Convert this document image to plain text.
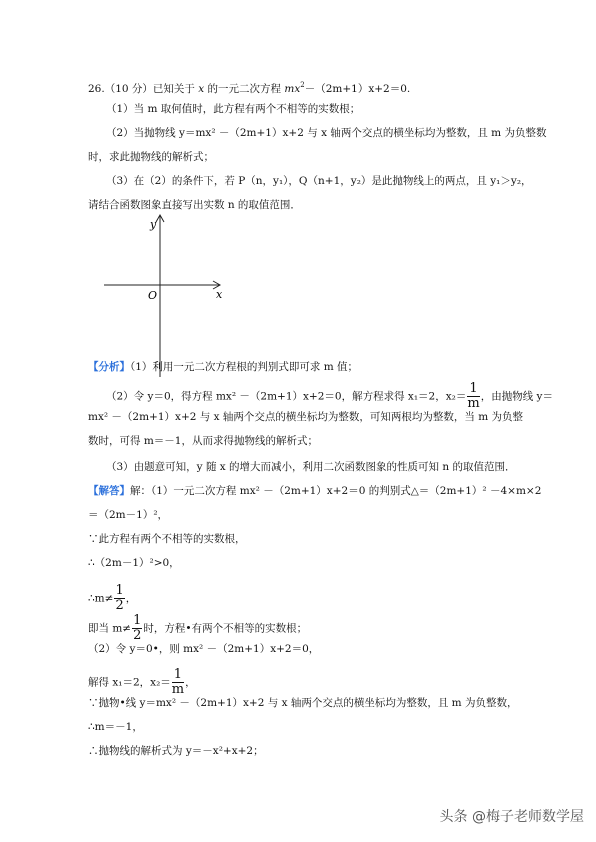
26.（10 分）已知关于 x 的一元二次方程 $mx^2-(2m+1)x+2=0$.
（1）当 m 取何值时，此方程有两个不相等的实数根；
（2）当抛物线 y＝mx² －（2m+1）x+2 与 x 轴两个交点的横坐标均为整数，且 m 为负整数
时，求此抛物线的解析式；
（3）在（2）的条件下，若 P（n，y₁），Q（n+1，y₂）是此抛物线上的两点，且 y₁＞y₂，
请结合函数图象直接写出实数 n 的取值范围．
y
x
O
【分析】（1）利用一元二次方程根的判别式即可求 m 值；
（2）令 y＝0，得方程 mx² －（2m+1）x+2＝0，解方程求得 x₁＝2，$x_2= \frac{1}{m}$ ，由抛物线 y＝
mx² －（2m+1）x+2 与 x 轴两个交点的横坐标均为整数，可知两根均为整数，当 m 为负整
数时，可得 m＝－1，从而求得抛物线的解析式；
（3）由题意可知，y 随 x 的增大而减小，利用二次函数图象的性质可知 n 的取值范围．
【解答】解：（1）一元二次方程 mx² －（2m+1）x+2＝0 的判别式△＝（2m+1）² －4×m×2
＝（2m－1）²，
∵此方程有两个不相等的实数根，
∴（2m－1）²>0，
∴m≠ $\frac{1}{2}$ ，
即当 $m\ne \frac{1}{2}$ 时，方程•有两个不相等的实数根；
（2）令 y＝0•，则 mx² －（2m+1）x+2＝0，
解得 x₁＝2，$x_2= \frac{1}{m}$ ，
∵抛物•线 y＝mx² －（2m+1）x+2 与 x 轴两个交点的横坐标均为整数，且 m 为负整数，
∴m＝－1，
∴抛物线的解析式为 y＝－x²+x+2；
头条 @梅子老师数学屋
